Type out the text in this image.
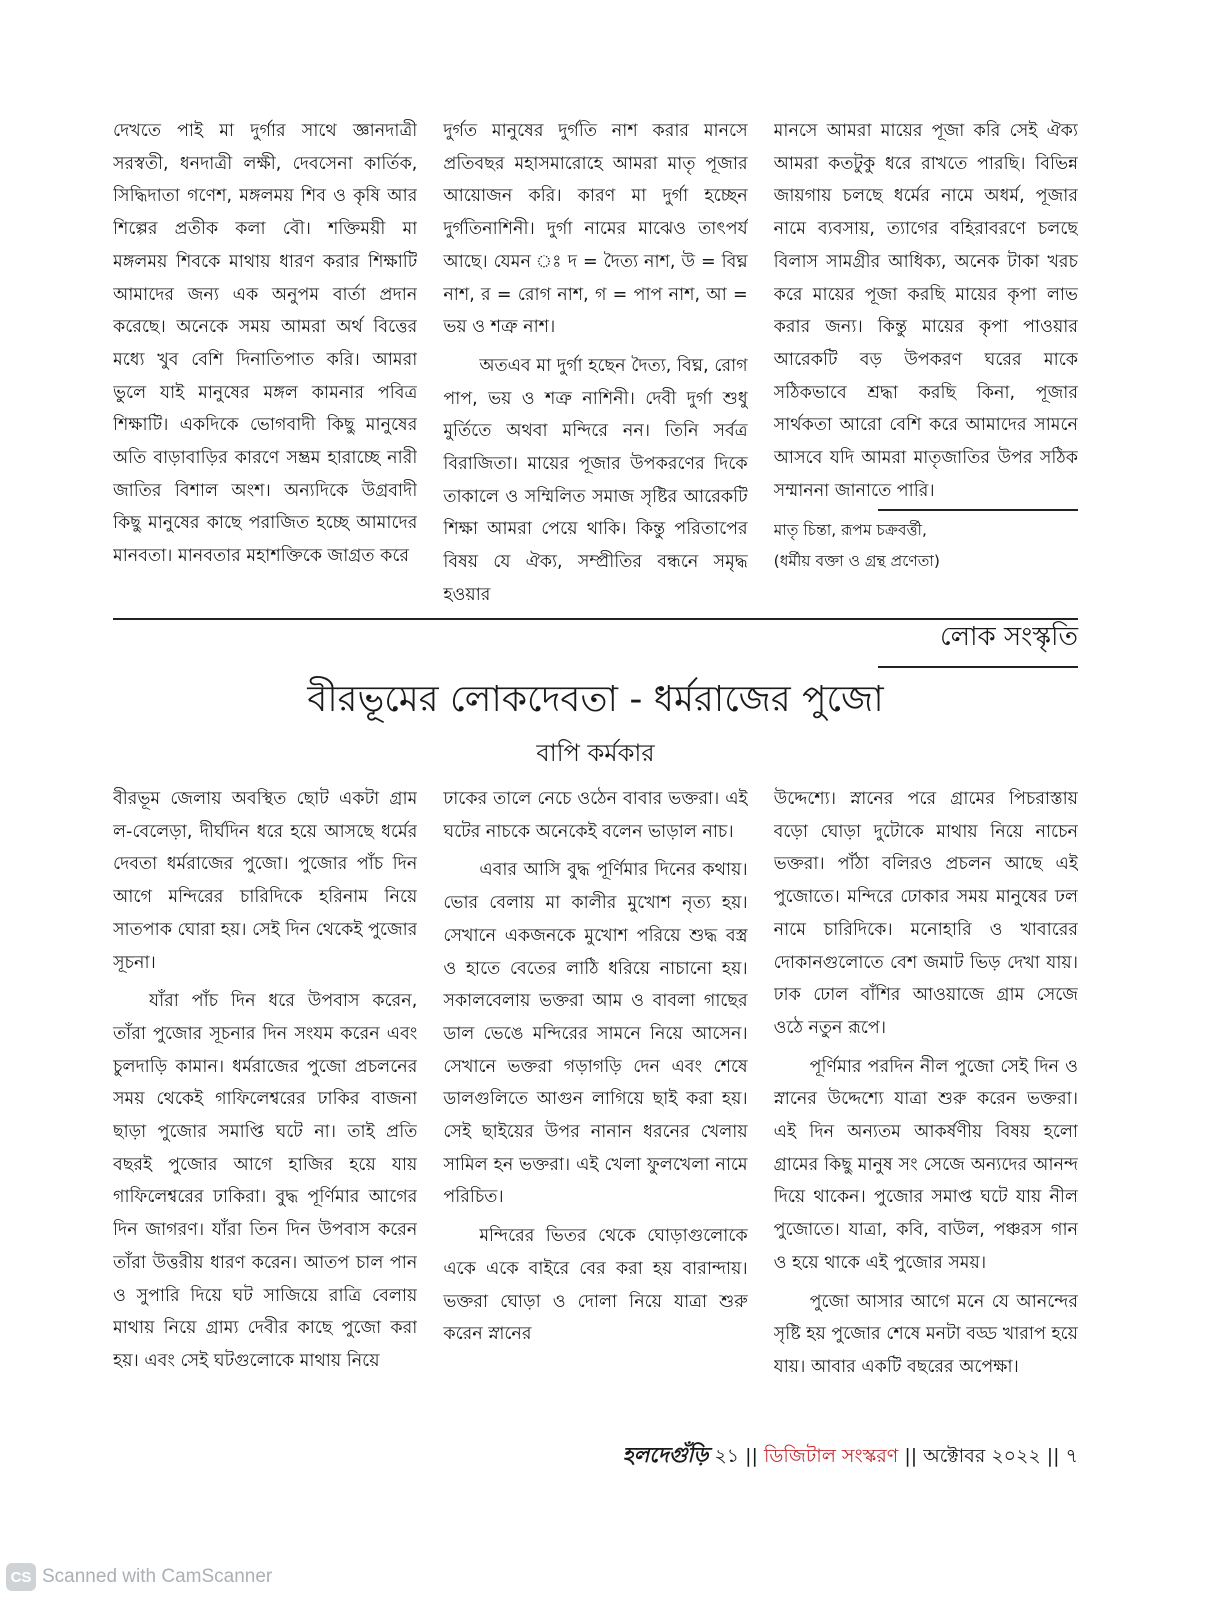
দেখতে পাই মা দুর্গার সাথে জ্ঞানদাত্রী সরস্বতী, ধনদাত্রী লক্ষী, দেবসেনা কার্তিক, সিদ্ধিদাতা গণেশ, মঙ্গলময় শিব ও কৃষি আর শিল্পের প্রতীক কলা বৌ। শক্তিময়ী মা মঙ্গলময় শিবকে মাথায় ধারণ করার শিক্ষাটি আমাদের জন্য এক অনুপম বার্তা প্রদান করেছে। অনেকে সময় আমরা অর্থ বিত্তের মধ্যে খুব বেশি দিনাতিপাত করি। আমরা ভুলে যাই মানুষের মঙ্গল কামনার পবিত্র শিক্ষাটি। একদিকে ভোগবাদী কিছু মানুষের অতি বাড়াবাড়ির কারণে সম্ভ্রম হারাচ্ছে নারী জাতির বিশাল অংশ। অন্যদিকে উগ্রবাদী কিছু মানুষের কাছে পরাজিত হচ্ছে আমাদের মানবতা। মানবতার মহাশক্তিকে জাগ্রত করে

দুর্গত মানুষের দুর্গতি নাশ করার মানসে প্রতিবছর মহাসমারোহে আমরা মাতৃ পূজার আয়োজন করি। কারণ মা দুর্গা হচ্ছেন দুর্গতিনাশিনী। দুর্গা নামের মাঝেও তাৎপর্য আছে। যেমন ঃ দ = দৈত্য নাশ, উ = বিঘ্ন নাশ, র = রোগ নাশ, গ = পাপ নাশ, আ = ভয় ও শত্রু নাশ।

অতএব মা দুর্গা হছেন দৈত্য, বিঘ্ন, রোগ পাপ, ভয় ও শত্রু নাশিনী। দেবী দুর্গা শুধু মুর্তিতে অথবা মন্দিরে নন। তিনি সর্বত্র বিরাজিতা। মায়ের পূজার উপকরণের দিকে তাকালে ও সম্মিলিত সমাজ সৃষ্টির আরেকটি শিক্ষা আমরা পেয়ে থাকি। কিন্তু পরিতাপের বিষয় যে ঐক্য, সম্প্রীতির বন্ধনে সমৃদ্ধ হওয়ার

মানসে আমরা মায়ের পূজা করি সেই ঐক্য আমরা কতটুকু ধরে রাখতে পারছি। বিভিন্ন জায়গায় চলছে ধর্মের নামে অধর্ম, পূজার নামে ব্যবসায়, ত্যাগের বহিরাবরণে চলছে বিলাস সামগ্রীর আধিক্য, অনেক টাকা খরচ করে মায়ের পূজা করছি মায়ের কৃপা লাভ করার জন্য। কিন্তু মায়ের কৃপা পাওয়ার আরেকটি বড় উপকরণ ঘরের মাকে সঠিকভাবে শ্রদ্ধা করছি কিনা, পূজার সার্থকতা আরো বেশি করে আমাদের সামনে আসবে যদি আমরা মাতৃজাতির উপর সঠিক সম্মাননা জানাতে পারি।

মাতৃ চিন্তা, রূপম চক্রবর্ত্তী,
(ধর্মীয় বক্তা ও গ্রন্থ প্রণেতা)
লোক সংস্কৃতি
বীরভূমের লোকদেবতা - ধর্মরাজের পুজো
বাপি কর্মকার

বীরভূম জেলায় অবস্থিত ছোট একটা গ্রাম ল-বেলেড়া, দীর্ঘদিন ধরে হয়ে আসছে ধর্মের দেবতা ধর্মরাজের পুজো। পুজোর পাঁচ দিন আগে মন্দিরের চারিদিকে হরিনাম নিয়ে সাতপাক ঘোরা হয়। সেই দিন থেকেই পুজোর সূচনা।

যাঁরা পাঁচ দিন ধরে উপবাস করেন, তাঁরা পুজোর সূচনার দিন সংযম করেন এবং চুলদাড়ি কামান। ধর্মরাজের পুজো প্রচলনের সময় থেকেই গাফিলেশ্বরের ঢাকির বাজনা ছাড়া পুজোর সমাপ্তি ঘটে না। তাই প্রতি বছরই পুজোর আগে হাজির হয়ে যায় গাফিলেশ্বরের ঢাকিরা। বুদ্ধ পূর্ণিমার আগের দিন জাগরণ। যাঁরা তিন দিন উপবাস করেন তাঁরা উত্তরীয় ধারণ করেন। আতপ চাল পান ও সুপারি দিয়ে ঘট সাজিয়ে রাত্রি বেলায় মাথায় নিয়ে গ্রাম্য দেবীর কাছে পুজো করা হয়। এবং সেই ঘটগুলোকে মাথায় নিয়ে

ঢাকের তালে নেচে ওঠেন বাবার ভক্তরা। এই ঘটের নাচকে অনেকেই বলেন ভাড়াল নাচ।

এবার আসি বুদ্ধ পূর্ণিমার দিনের কথায়। ভোর বেলায় মা কালীর মুখোশ নৃত্য হয়। সেখানে একজনকে মুখোশ পরিয়ে শুদ্ধ বস্ত্র ও হাতে বেতের লাঠি ধরিয়ে নাচানো হয়। সকালবেলায় ভক্তরা আম ও বাবলা গাছের ডাল ভেঙে মন্দিরের সামনে নিয়ে আসেন। সেখানে ভক্তরা গড়াগড়ি দেন এবং শেষে ডালগুলিতে আগুন লাগিয়ে ছাই করা হয়। সেই ছাইয়ের উপর নানান ধরনের খেলায় সামিল হন ভক্তরা। এই খেলা ফুলখেলা নামে পরিচিত।

মন্দিরের ভিতর থেকে ঘোড়াগুলোকে একে একে বাইরে বের করা হয় বারান্দায়। ভক্তরা ঘোড়া ও দোলা নিয়ে যাত্রা শুরু করেন স্নানের

উদ্দেশ্যে। স্নানের পরে গ্রামের পিচরাস্তায় বড়ো ঘোড়া দুটোকে মাথায় নিয়ে নাচেন ভক্তরা। পাঁঠা বলিরও প্রচলন আছে এই পুজোতে। মন্দিরে ঢোকার সময় মানুষের ঢল নামে চারিদিকে। মনোহারি ও খাবারের দোকানগুলোতে বেশ জমাট ভিড় দেখা যায়। ঢাক ঢোল বাঁশির আওয়াজে গ্রাম সেজে ওঠে নতুন রূপে।

পূর্ণিমার পরদিন নীল পুজো সেই দিন ও স্নানের উদ্দেশ্যে যাত্রা শুরু করেন ভক্তরা। এই দিন অন্যতম আকর্ষণীয় বিষয় হলো গ্রামের কিছু মানুষ সং সেজে অন্যদের আনন্দ দিয়ে থাকেন। পুজোর সমাপ্ত ঘটে যায় নীল পুজোতে। যাত্রা, কবি, বাউল, পঞ্চরস গান ও হয়ে থাকে এই পুজোর সময়।

পুজো আসার আগে মনে যে আনন্দের সৃষ্টি হয় পুজোর শেষে মনটা বড্ড খারাপ হয়ে যায়। আবার একটি বছরের অপেক্ষা।

হলদেগুঁড়ি ২১ || ডিজিটাল সংস্করণ || অক্টোবর ২০২২ || ৭
CS Scanned with CamScanner
